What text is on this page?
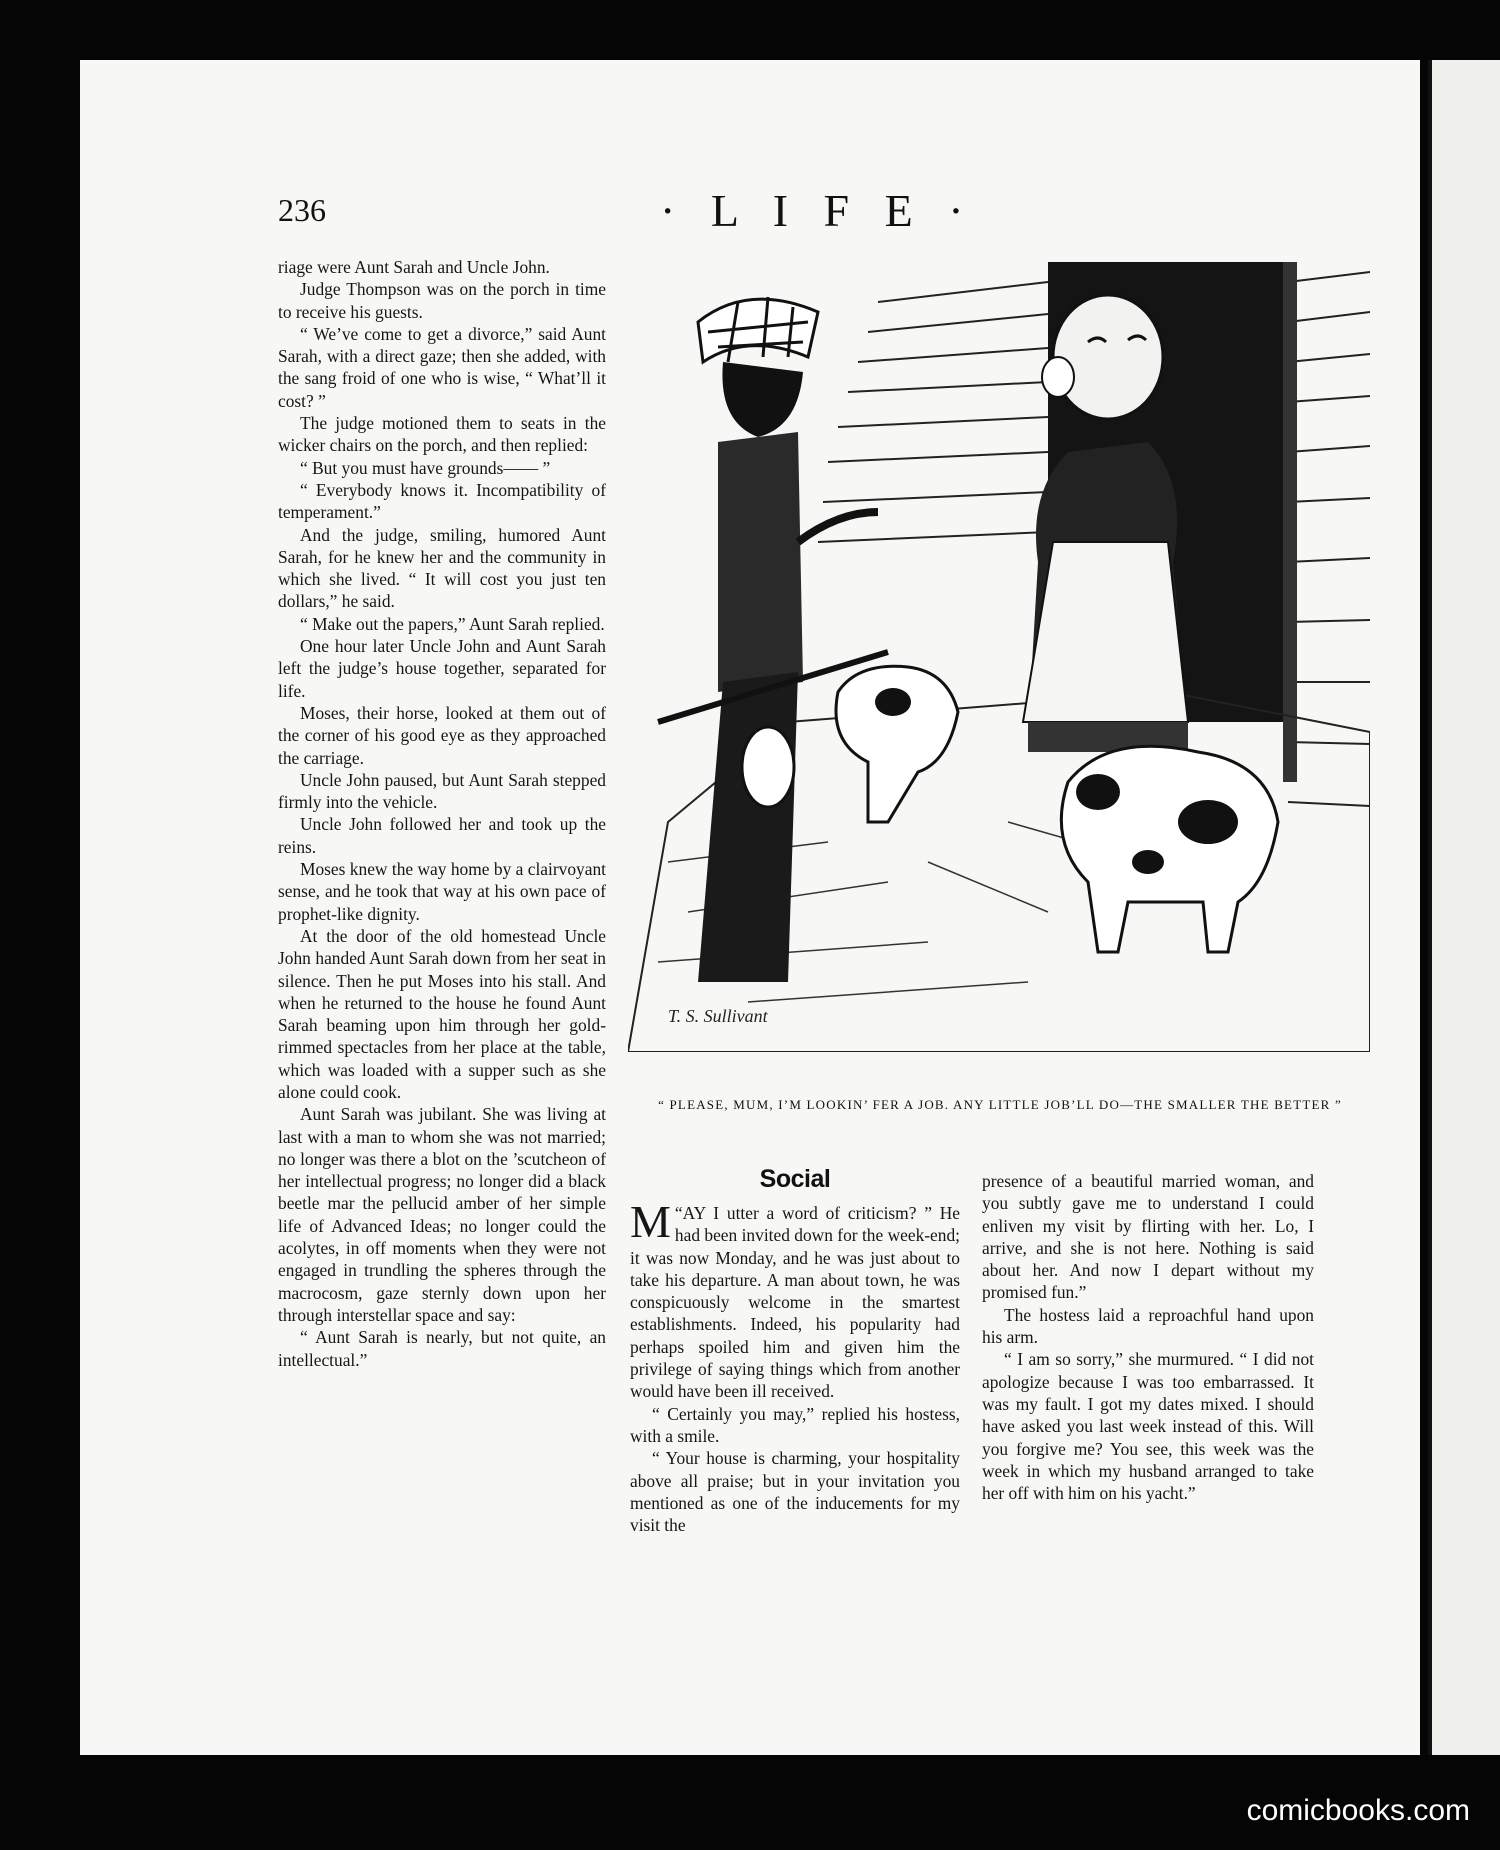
236	· L I F E ·

riage were Aunt Sarah and Uncle John.

Judge Thompson was on the porch in time to receive his guests.

“ We’ve come to get a divorce,” said Aunt Sarah, with a direct gaze; then she added, with the sang froid of one who is wise, “ What’ll it cost? ”

The judge motioned them to seats in the wicker chairs on the porch, and then replied:

“ But you must have grounds—— ”

“ Everybody knows it. Incompatibility of temperament.”

And the judge, smiling, humored Aunt Sarah, for he knew her and the community in which she lived. “ It will cost you just ten dollars,” he said.

“ Make out the papers,” Aunt Sarah replied.

One hour later Uncle John and Aunt Sarah left the judge’s house together, separated for life.

Moses, their horse, looked at them out of the corner of his good eye as they approached the carriage.

Uncle John paused, but Aunt Sarah stepped firmly into the vehicle.

Uncle John followed her and took up the reins.

Moses knew the way home by a clairvoyant sense, and he took that way at his own pace of prophet-like dignity.

At the door of the old homestead Uncle John handed Aunt Sarah down from her seat in silence. Then he put Moses into his stall. And when he returned to the house he found Aunt Sarah beaming upon him through her gold-rimmed spectacles from her place at the table, which was loaded with a supper such as she alone could cook.

Aunt Sarah was jubilant. She was living at last with a man to whom she was not married; no longer was there a blot on the ’scutcheon of her intellectual progress; no longer did a black beetle mar the pellucid amber of her simple life of Advanced Ideas; no longer could the acolytes, in off moments when they were not engaged in trundling the spheres through the macrocosm, gaze sternly down upon her through interstellar space and say:

“ Aunt Sarah is nearly, but not quite, an intellectual.”

T. S. Sullivant
“ PLEASE, MUM, I’M LOOKIN’ FER A JOB. ANY LITTLE JOB’LL DO—THE SMALLER THE BETTER ”
Social

“
M AY I utter a word of criticism? ” He had been invited down for the week-end; it was now Monday, and he was just about to take his departure. A man about town, he was conspicuously welcome in the smartest establishments. Indeed, his popularity had perhaps spoiled him and given him the privilege of saying things which from another would have been ill received.

“ Certainly you may,” replied his hostess, with a smile.

“ Your house is charming, your hospitality above all praise; but in your invitation you mentioned as one of the inducements for my visit the

presence of a beautiful married woman, and you subtly gave me to understand I could enliven my visit by flirting with her. Lo, I arrive, and she is not here. Nothing is said about her. And now I depart without my promised fun.”

The hostess laid a reproachful hand upon his arm.

“ I am so sorry,” she murmured. “ I did not apologize because I was too embarrassed. It was my fault. I got my dates mixed. I should have asked you last week instead of this. Will you forgive me? You see, this week was the week in which my husband arranged to take her off with him on his yacht.”

comicbooks.com
